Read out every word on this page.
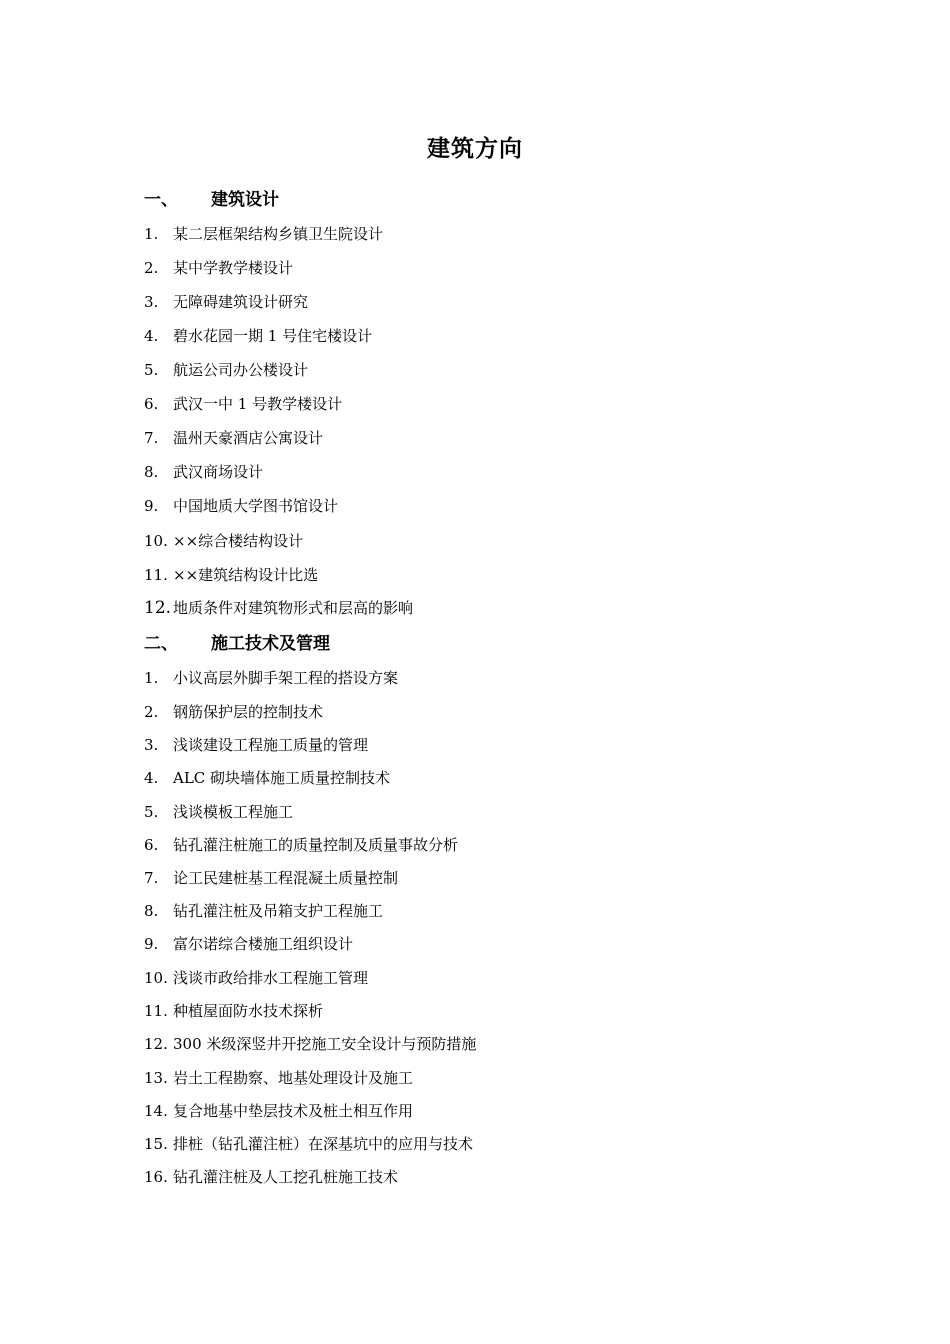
建筑方向
一、 建筑设计
1. 某二层框架结构乡镇卫生院设计
2. 某中学教学楼设计
3. 无障碍建筑设计研究
4. 碧水花园一期 1 号住宅楼设计
5. 航运公司办公楼设计
6. 武汉一中 1 号教学楼设计
7. 温州天豪酒店公寓设计
8. 武汉商场设计
9. 中国地质大学图书馆设计
10. ××综合楼结构设计
11. ××建筑结构设计比选
12. 地质条件对建筑物形式和层高的影响
二、 施工技术及管理
1. 小议高层外脚手架工程的搭设方案
2. 钢筋保护层的控制技术
3. 浅谈建设工程施工质量的管理
4. ALC 砌块墙体施工质量控制技术
5. 浅谈模板工程施工
6. 钻孔灌注桩施工的质量控制及质量事故分析
7. 论工民建桩基工程混凝土质量控制
8. 钻孔灌注桩及吊箱支护工程施工
9. 富尔诺综合楼施工组织设计
10. 浅谈市政给排水工程施工管理
11. 种植屋面防水技术探析
12. 300 米级深竖井开挖施工安全设计与预防措施
13. 岩土工程勘察、地基处理设计及施工
14. 复合地基中垫层技术及桩土相互作用
15. 排桩（钻孔灌注桩）在深基坑中的应用与技术
16. 钻孔灌注桩及人工挖孔桩施工技术
